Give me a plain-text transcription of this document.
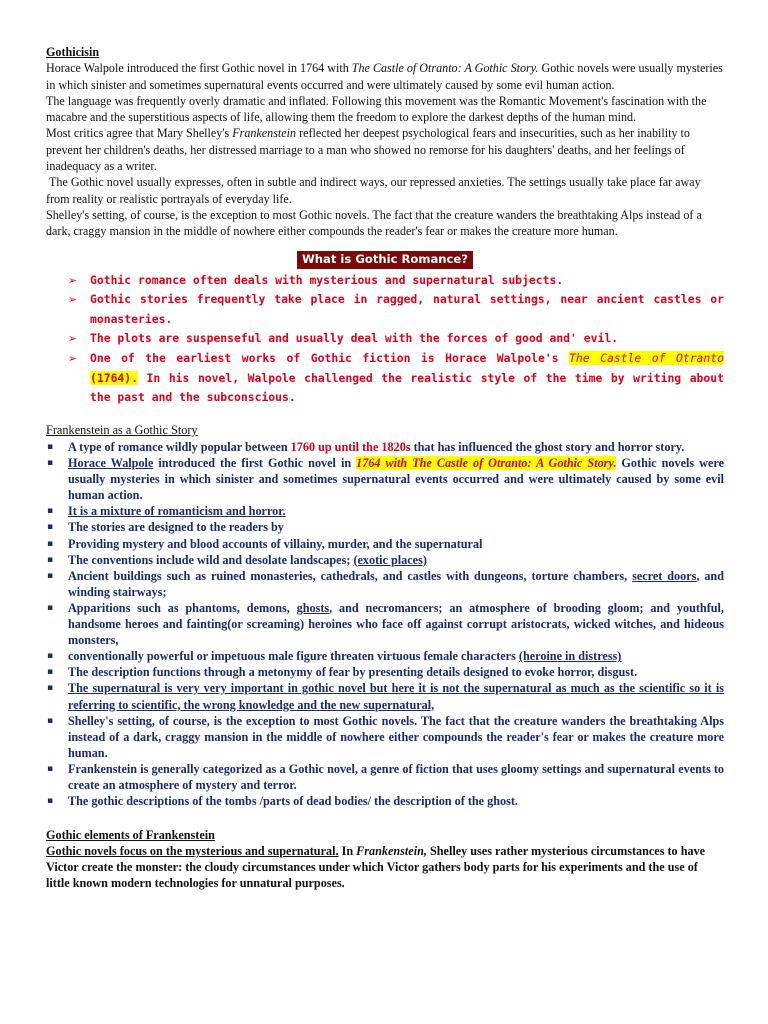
Gothicisin

Horace Walpole introduced the first Gothic novel in 1764 with The Castle of Otranto: A Gothic Story. Gothic novels were usually mysteries in which sinister and sometimes supernatural events occurred and were ultimately caused by some evil human action.

The language was frequently overly dramatic and inflated. Following this movement was the Romantic Movement's fascination with the macabre and the superstitious aspects of life, allowing them the freedom to explore the darkest depths of the human mind.

Most critics agree that Mary Shelley's Frankenstein reflected her deepest psychological fears and insecurities, such as her inability to prevent her children's deaths, her distressed marriage to a man who showed no remorse for his daughters' deaths, and her feelings of inadequacy as a writer.

The Gothic novel usually expresses, often in subtle and indirect ways, our repressed anxieties. The settings usually take place far away from reality or realistic portrayals of everyday life.

Shelley's setting, of course, is the exception to most Gothic novels. The fact that the creature wanders the breathtaking Alps instead of a dark, craggy mansion in the middle of nowhere either compounds the reader's fear or makes the creature more human.

What is Gothic Romance?
➢ Gothic romance often deals with mysterious and supernatural subjects.
➢ Gothic stories frequently take place in ragged, natural settings, near ancient castles or monasteries.
➢ The plots are suspenseful and usually deal with the forces of good and' evil.
➢ One of the earliest works of Gothic fiction is Horace Walpole's The Castle of Otranto (1764). In his novel, Walpole challenged the realistic style of the time by writing about the past and the subconscious.
Frankenstein as a Gothic Story
▪ A type of romance wildly popular between 1760 up until the 1820s that has influenced the ghost story and horror story.
▪ Horace Walpole introduced the first Gothic novel in 1764 with The Castle of Otranto: A Gothic Story. Gothic novels were usually mysteries in which sinister and sometimes supernatural events occurred and were ultimately caused by some evil human action.
▪ It is a mixture of romanticism and horror.
▪ The stories are designed to the readers by
▪ Providing mystery and blood accounts of villainy, murder, and the supernatural
▪ The conventions include wild and desolate landscapes; (exotic places)
▪ Ancient buildings such as ruined monasteries, cathedrals, and castles with dungeons, torture chambers, secret doors, and winding stairways;
▪ Apparitions such as phantoms, demons, ghosts, and necromancers; an atmosphere of brooding gloom; and youthful, handsome heroes and fainting(or screaming) heroines who face off against corrupt aristocrats, wicked witches, and hideous monsters,
▪ conventionally powerful or impetuous male figure threaten virtuous female characters (heroine in distress)
▪ The description functions through a metonymy of fear by presenting details designed to evoke horror, disgust.
▪ The supernatural is very very important in gothic novel but here it is not the supernatural as much as the scientific so it is referring to scientific, the wrong knowledge and the new supernatural,
▪ Shelley's setting, of course, is the exception to most Gothic novels. The fact that the creature wanders the breathtaking Alps instead of a dark, craggy mansion in the middle of nowhere either compounds the reader's fear or makes the creature more human.
▪ Frankenstein is generally categorized as a Gothic novel, a genre of fiction that uses gloomy settings and supernatural events to create an atmosphere of mystery and terror.
▪ The gothic descriptions of the tombs /parts of dead bodies/ the description of the ghost.
Gothic elements of Frankenstein

Gothic novels focus on the mysterious and supernatural. In Frankenstein, Shelley uses rather mysterious circumstances to have Victor create the monster: the cloudy circumstances under which Victor gathers body parts for his experiments and the use of little known modern technologies for unnatural purposes.
